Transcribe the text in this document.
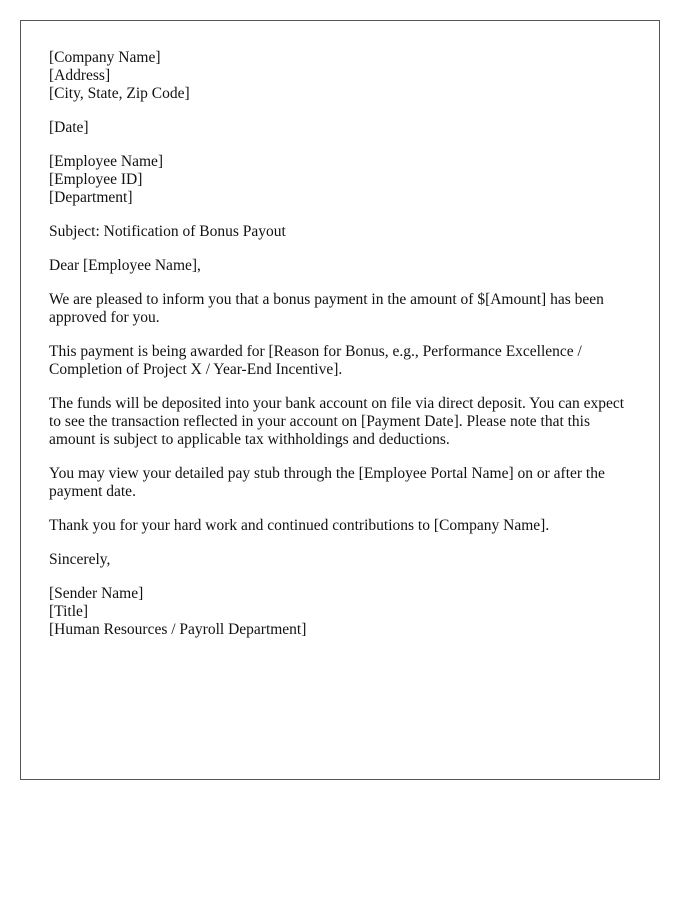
[Company Name]
[Address]
[City, State, Zip Code]
[Date]
[Employee Name]
[Employee ID]
[Department]

Subject: Notification of Bonus Payout

Dear [Employee Name],

We are pleased to inform you that a bonus payment in the amount of $[Amount] has been approved for you.

This payment is being awarded for [Reason for Bonus, e.g., Performance Excellence / Completion of Project X / Year-End Incentive].

The funds will be deposited into your bank account on file via direct deposit. You can expect to see the transaction reflected in your account on [Payment Date]. Please note that this amount is subject to applicable tax withholdings and deductions.

You may view your detailed pay stub through the [Employee Portal Name] on or after the payment date.

Thank you for your hard work and continued contributions to [Company Name].

Sincerely,

[Sender Name]
[Title]
[Human Resources / Payroll Department]
